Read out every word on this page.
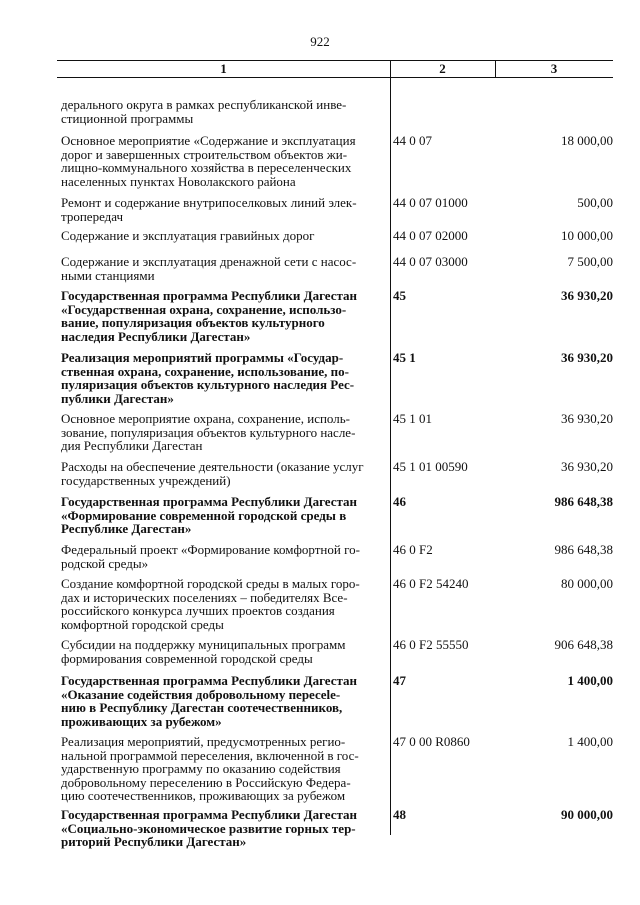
922
1	2	3
дерального округа в рамках республиканской инве-
стиционной программы
Основное мероприятие «Содержание и эксплуатация
дорог и завершенных строительством объектов жи-
лищно-коммунального хозяйства в переселенческих
населенных пунктах Новолакского района
44 0 07	18 000,00
Ремонт и содержание внутрипоселковых линий элек-
тропередач
44 0 07 01000	500,00
Содержание и эксплуатация гравийных дорог	44 0 07 02000	10 000,00
Содержание и эксплуатация дренажной сети с насос-
ными станциями
44 0 07 03000	7 500,00
Государственная программа Республики Дагестан
«Государственная охрана, сохранение, использо-
вание, популяризация объектов культурного
наследия Республики Дагестан»
45	36 930,20
Реализация мероприятий программы «Государ-
ственная охрана, сохранение, использование, по-
пуляризация объектов культурного наследия Рес-
публики Дагестан»
45 1	36 930,20
Основное мероприятие охрана, сохранение, исполь-
зование, популяризация объектов культурного насле-
дия Республики Дагестан
45 1 01	36 930,20
Расходы на обеспечение деятельности (оказание услуг
государственных учреждений)
45 1 01 00590	36 930,20
Государственная программа Республики Дагестан
«Формирование современной городской среды в
Республике Дагестан»
46	986 648,38
Федеральный проект «Формирование комфортной го-
родской среды»
46 0 F2	986 648,38
Создание комфортной городской среды в малых горо-
дах и исторических поселениях – победителях Все-
российского конкурса лучших проектов создания
комфортной городской среды
46 0 F2 54240	80 000,00
Субсидии на поддержку муниципальных программ
формирования современной городской среды
46 0 F2 55550	906 648,38
Государственная программа Республики Дагестан
«Оказание содействия добровольному пересele-
нию в Республику Дагестан соотечественников,
проживающих за рубежом»
47	1 400,00
Реализация мероприятий, предусмотренных регио-
нальной программой переселения, включенной в гос-
ударственную программу по оказанию содействия
добровольному переселению в Российскую Федера-
цию соотечественников, проживающих за рубежом
47 0 00 R0860	1 400,00
Государственная программа Республики Дагестан
«Социально-экономическое развитие горных тер-
риторий Республики Дагестан»
48	90 000,00
